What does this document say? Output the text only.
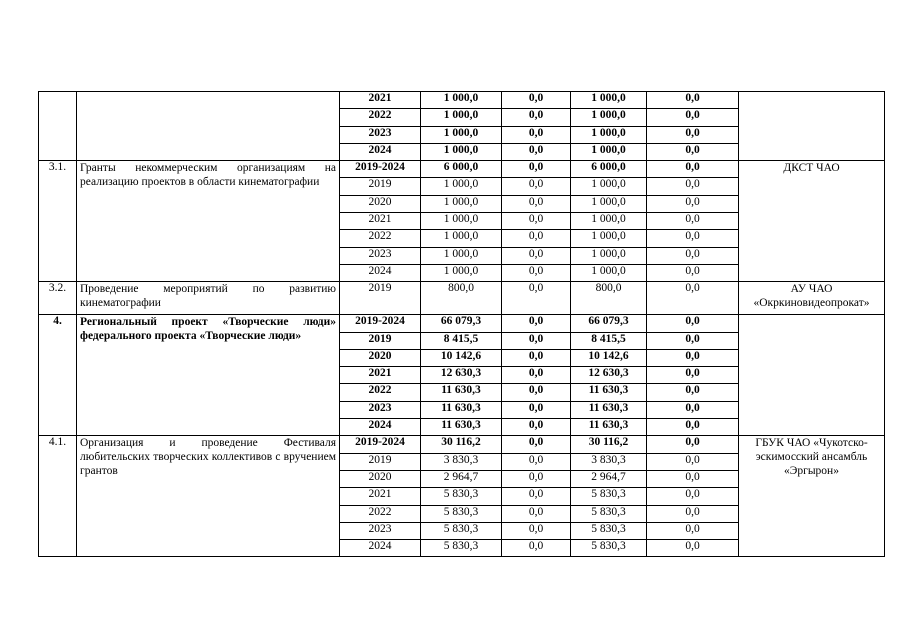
		2021	1 000,0	0,0	1 000,0	0,0	
		2022	1 000,0	0,0	1 000,0	0,0	
		2023	1 000,0	0,0	1 000,0	0,0	
		2024	1 000,0	0,0	1 000,0	0,0	
3.1.	Гранты некоммерческим организациям на реализацию проектов в области кинематографии	2019-2024	6 000,0	0,0	6 000,0	0,0	ДКСТ ЧАО
		2019	1 000,0	0,0	1 000,0	0,0	
		2020	1 000,0	0,0	1 000,0	0,0	
		2021	1 000,0	0,0	1 000,0	0,0	
		2022	1 000,0	0,0	1 000,0	0,0	
		2023	1 000,0	0,0	1 000,0	0,0	
		2024	1 000,0	0,0	1 000,0	0,0	
3.2.	Проведение мероприятий по развитию кинематографии	2019	800,0	0,0	800,0	0,0	АУ ЧАО «Окркиновидеопрокат»
4.	Региональный проект «Творческие люди» федерального проекта «Творческие люди»	2019-2024	66 079,3	0,0	66 079,3	0,0	
		2019	8 415,5	0,0	8 415,5	0,0	
		2020	10 142,6	0,0	10 142,6	0,0	
		2021	12 630,3	0,0	12 630,3	0,0	
		2022	11 630,3	0,0	11 630,3	0,0	
		2023	11 630,3	0,0	11 630,3	0,0	
		2024	11 630,3	0,0	11 630,3	0,0	
4.1.	Организация и проведение Фестиваля любительских творческих коллективов с вручением грантов	2019-2024	30 116,2	0,0	30 116,2	0,0	ГБУК ЧАО «Чукотско-эскимосский ансамбль «Эргырон»
		2019	3 830,3	0,0	3 830,3	0,0	
		2020	2 964,7	0,0	2 964,7	0,0	
		2021	5 830,3	0,0	5 830,3	0,0	
		2022	5 830,3	0,0	5 830,3	0,0	
		2023	5 830,3	0,0	5 830,3	0,0	
		2024	5 830,3	0,0	5 830,3	0,0	
